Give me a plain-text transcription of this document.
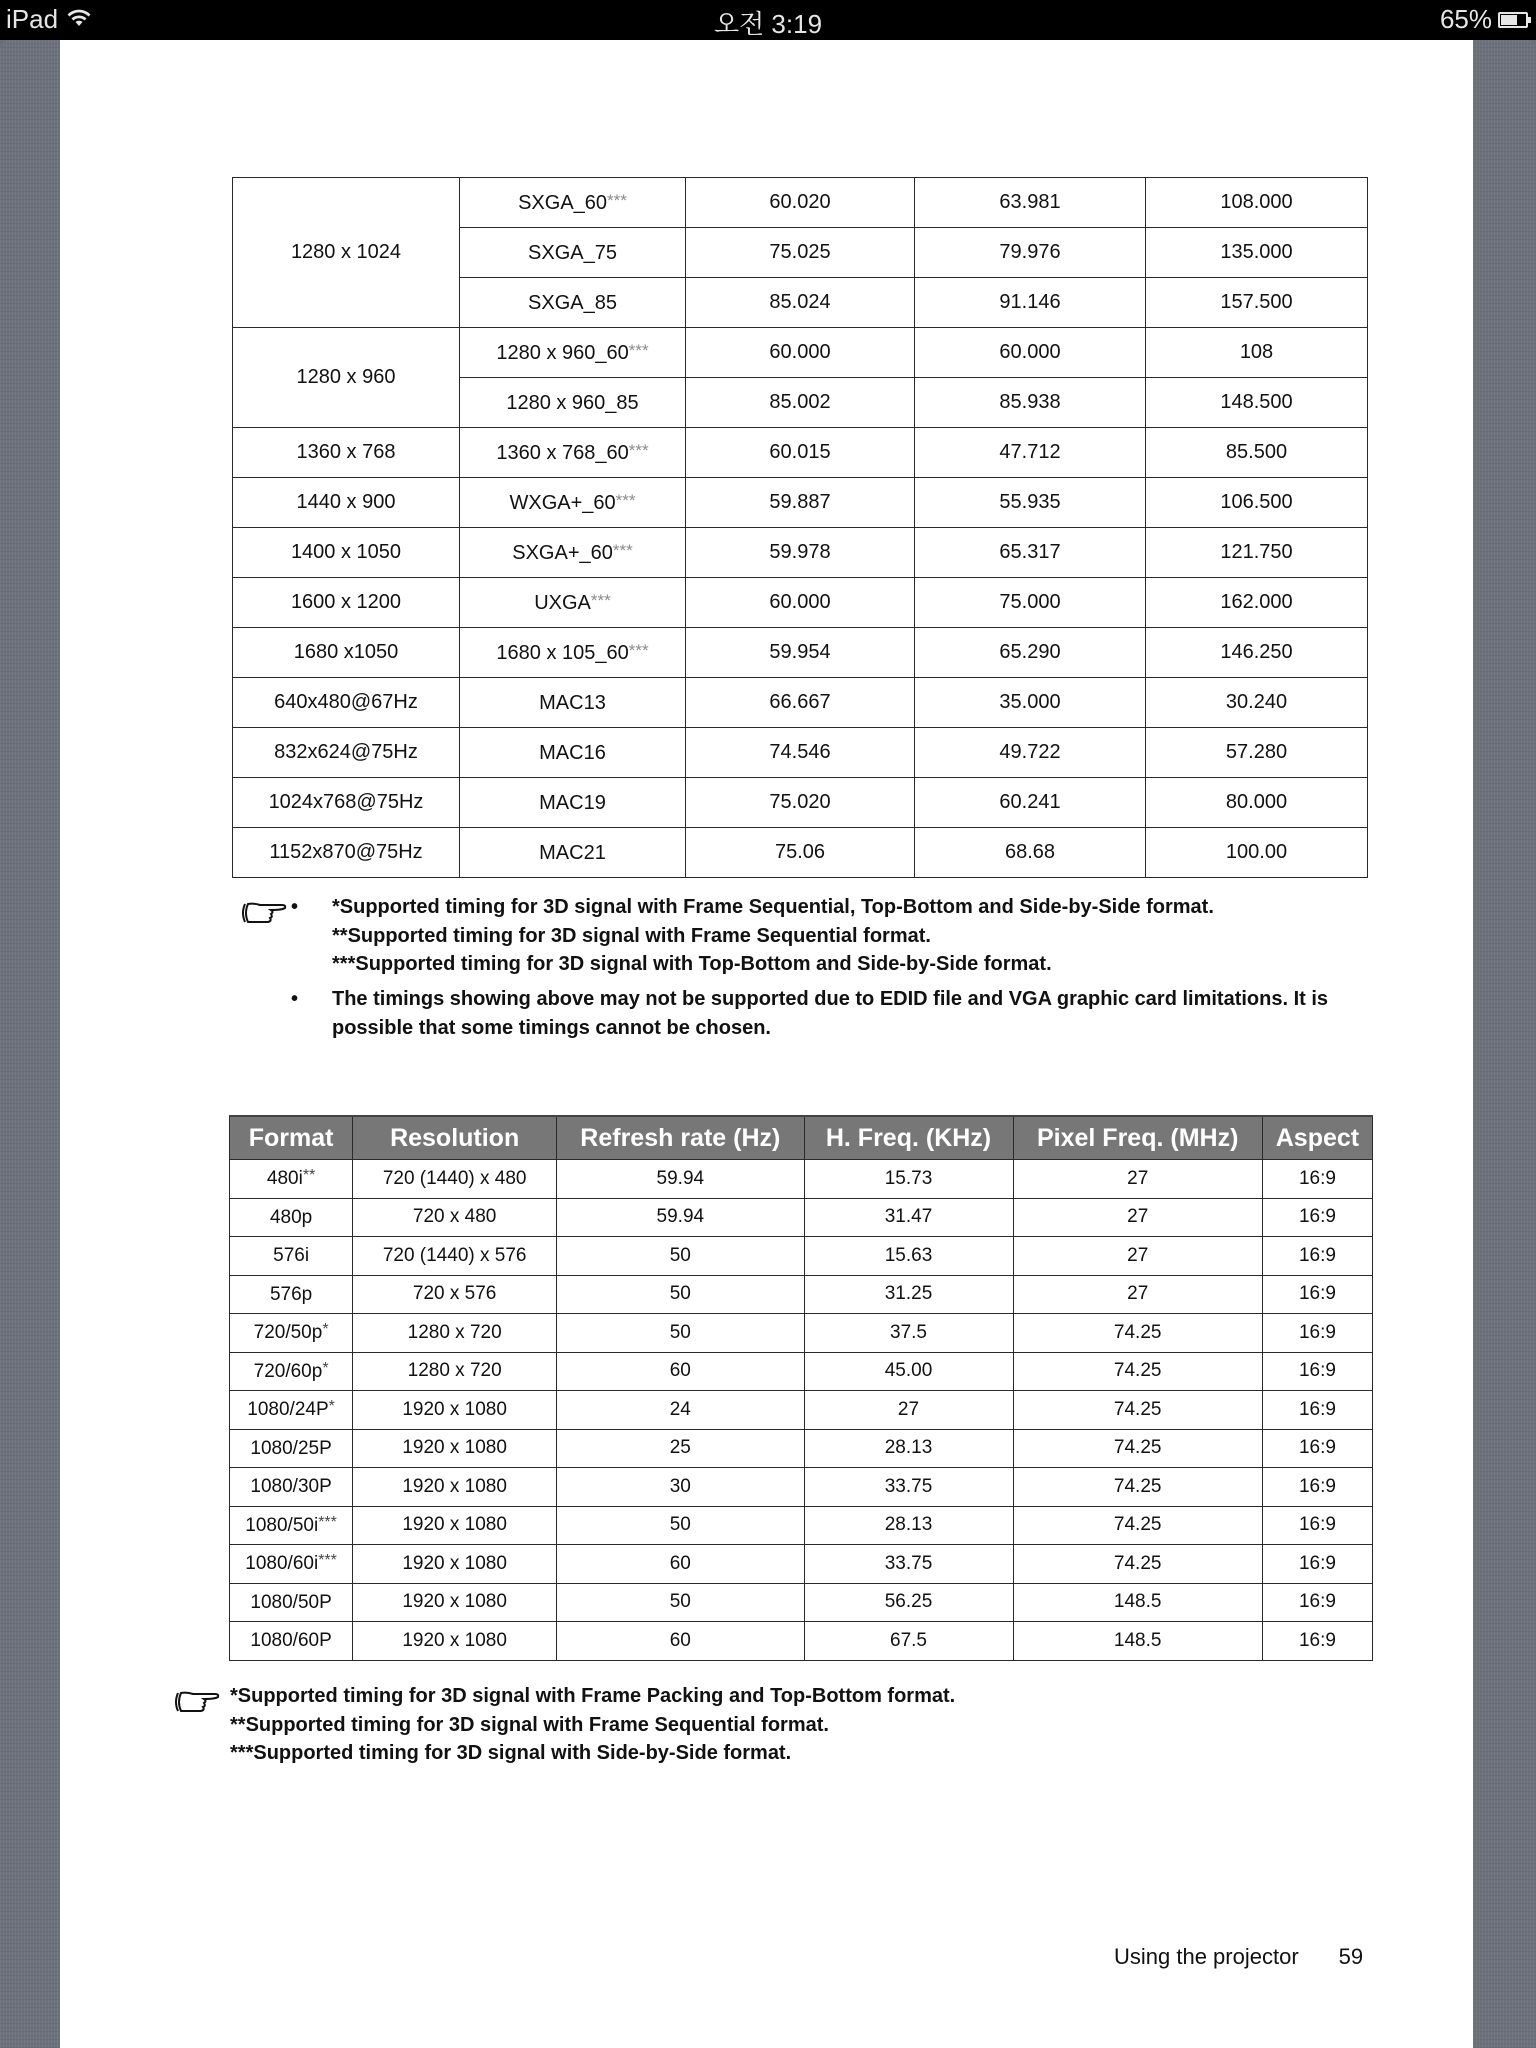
iPad	오전 3:19	65%
1280 x 1024	SXGA_60***	60.020	63.981	108.000
	SXGA_75	75.025	79.976	135.000
	SXGA_85	85.024	91.146	157.500
1280 x 960	1280 x 960_60***	60.000	60.000	108
	1280 x 960_85	85.002	85.938	148.500
1360 x 768	1360 x 768_60***	60.015	47.712	85.500
1440 x 900	WXGA+_60***	59.887	55.935	106.500
1400 x 1050	SXGA+_60***	59.978	65.317	121.750
1600 x 1200	UXGA***	60.000	75.000	162.000
1680 x1050	1680 x 105_60***	59.954	65.290	146.250
640x480@67Hz	MAC13	66.667	35.000	30.240
832x624@75Hz	MAC16	74.546	49.722	57.280
1024x768@75Hz	MAC19	75.020	60.241	80.000
1152x870@75Hz	MAC21	75.06	68.68	100.00
• *Supported timing for 3D signal with Frame Sequential, Top-Bottom and Side-by-Side format.
**Supported timing for 3D signal with Frame Sequential format.
***Supported timing for 3D signal with Top-Bottom and Side-by-Side format.
• The timings showing above may not be supported due to EDID file and VGA graphic card limitations. It is
possible that some timings cannot be chosen.
Format	Resolution	Refresh rate (Hz)	H. Freq. (KHz)	Pixel Freq. (MHz)	Aspect
480i**	720 (1440) x 480	59.94	15.73	27	16:9
480p	720 x 480	59.94	31.47	27	16:9
576i	720 (1440) x 576	50	15.63	27	16:9
576p	720 x 576	50	31.25	27	16:9
720/50p*	1280 x 720	50	37.5	74.25	16:9
720/60p*	1280 x 720	60	45.00	74.25	16:9
1080/24P*	1920 x 1080	24	27	74.25	16:9
1080/25P	1920 x 1080	25	28.13	74.25	16:9
1080/30P	1920 x 1080	30	33.75	74.25	16:9
1080/50i***	1920 x 1080	50	28.13	74.25	16:9
1080/60i***	1920 x 1080	60	33.75	74.25	16:9
1080/50P	1920 x 1080	50	56.25	148.5	16:9
1080/60P	1920 x 1080	60	67.5	148.5	16:9
*Supported timing for 3D signal with Frame Packing and Top-Bottom format.
**Supported timing for 3D signal with Frame Sequential format.
***Supported timing for 3D signal with Side-by-Side format.
Using the projector 59
